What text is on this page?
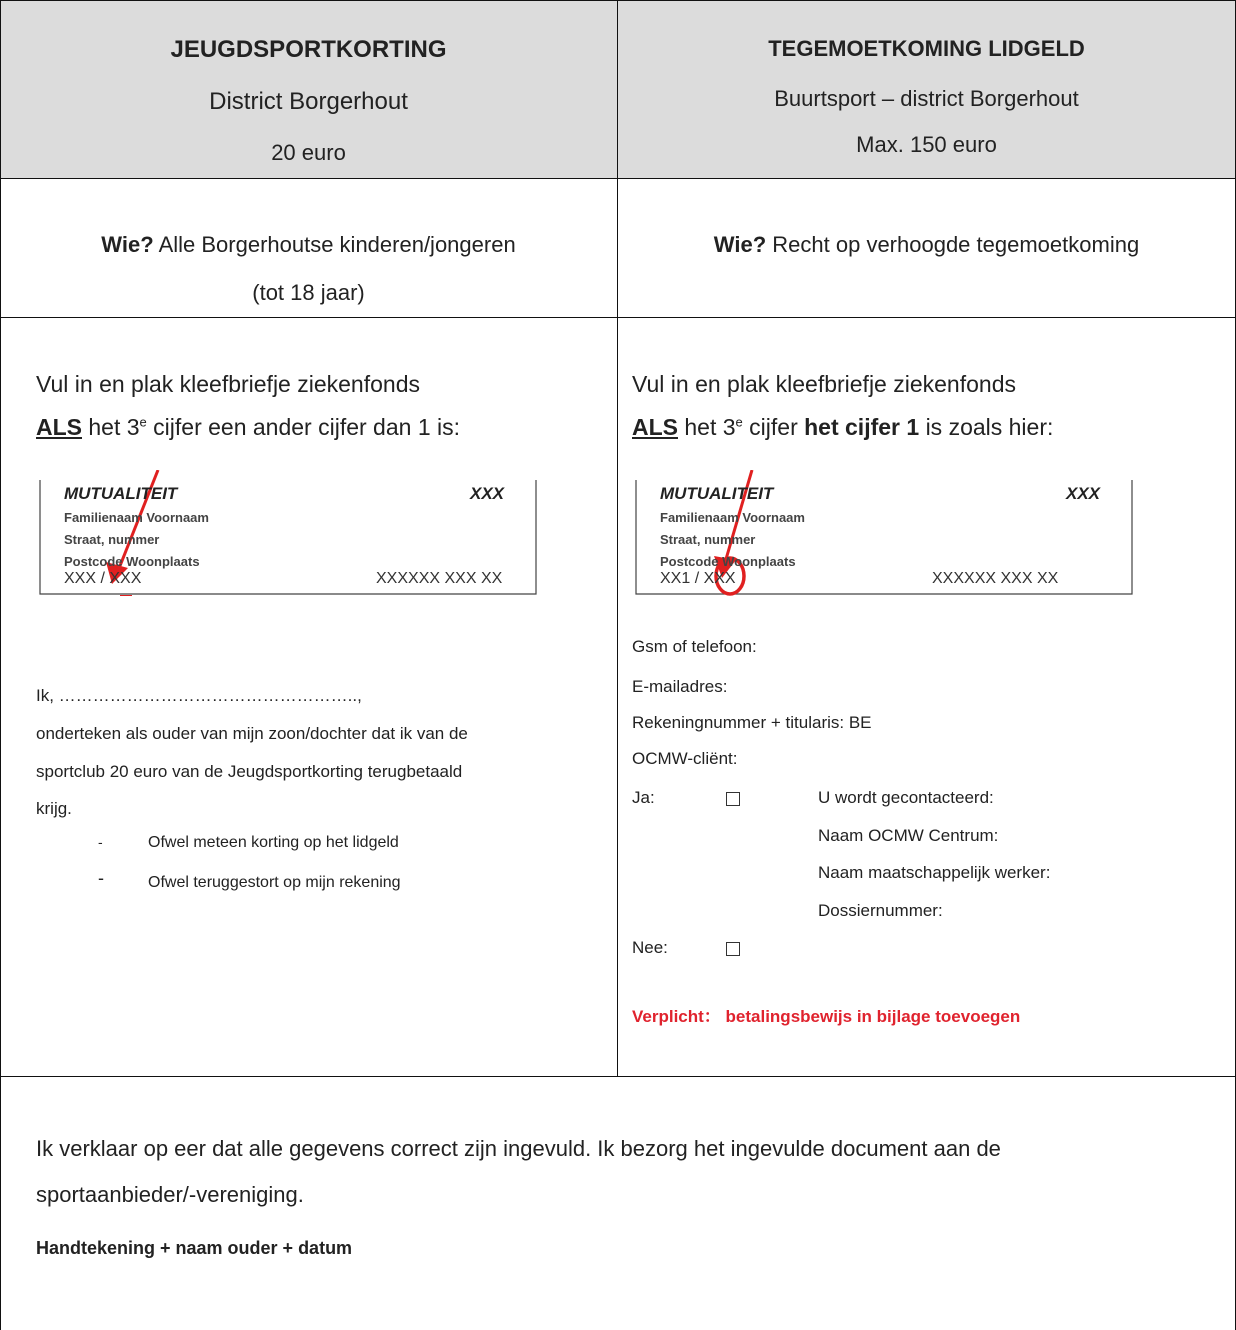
JEUGDSPORTKORTING
District Borgerhout
20 euro
TEGEMOETKOMING LIDGELD
Buurtsport – district Borgerhout
Max. 150 euro
Wie? Alle Borgerhoutse kinderen/jongeren
(tot 18 jaar)
Wie? Recht op verhoogde tegemoetkoming
Vul in en plak kleefbriefje ziekenfonds
ALS het 3e cijfer een ander cijfer dan 1 is:
MUTUALITEIT	XXX
Familienaam Voornaam
Straat, nummer
Postcode Woonplaats
XXX / XXX	XXXXXX XXX XX
Ik, ……………………………………………..,
onderteken als ouder van mijn zoon/dochter dat ik van de
sportclub 20 euro van de Jeugdsportkorting terugbetaald
krijg.
-	Ofwel meteen korting op het lidgeld
-	Ofwel teruggestort op mijn rekening
Vul in en plak kleefbriefje ziekenfonds
ALS het 3e cijfer het cijfer 1 is zoals hier:
MUTUALITEIT	XXX
Familienaam Voornaam
Straat, nummer
Postcode Woonplaats
XX1 / XXX	XXXXXX XXX XX
Gsm of telefoon:
E-mailadres:
Rekeningnummer + titularis: BE
OCMW-cliënt:
Ja:	U wordt gecontacteerd:
Naam OCMW Centrum:
Naam maatschappelijk werker:
Dossiernummer:
Nee:
Verplicht： betalingsbewijs in bijlage toevoegen
Ik verklaar op eer dat alle gegevens correct zijn ingevuld. Ik bezorg het ingevulde document aan de
sportaanbieder/-vereniging.
Handtekening + naam ouder + datum
